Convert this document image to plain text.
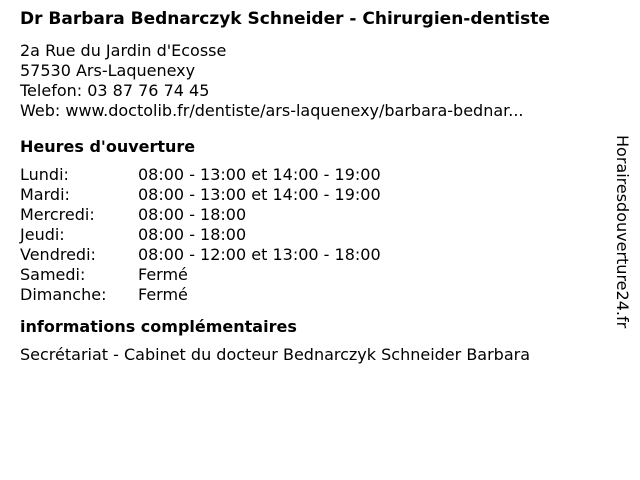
Dr Barbara Bednarczyk Schneider - Chirurgien-dentiste
2a Rue du Jardin d'Ecosse
57530 Ars-Laquenexy
Telefon: 03 87 76 74 45
Web: www.doctolib.fr/dentiste/ars-laquenexy/barbara-bednar...
Heures d'ouverture
Lundi:	08:00 - 13:00 et 14:00 - 19:00
Mardi:	08:00 - 13:00 et 14:00 - 19:00
Mercredi:	08:00 - 18:00
Jeudi:	08:00 - 18:00
Vendredi:	08:00 - 12:00 et 13:00 - 18:00
Samedi:	Fermé
Dimanche:	Fermé
informations complémentaires
Secrétariat - Cabinet du docteur Bednarczyk Schneider Barbara
Horairesdouverture24.fr
